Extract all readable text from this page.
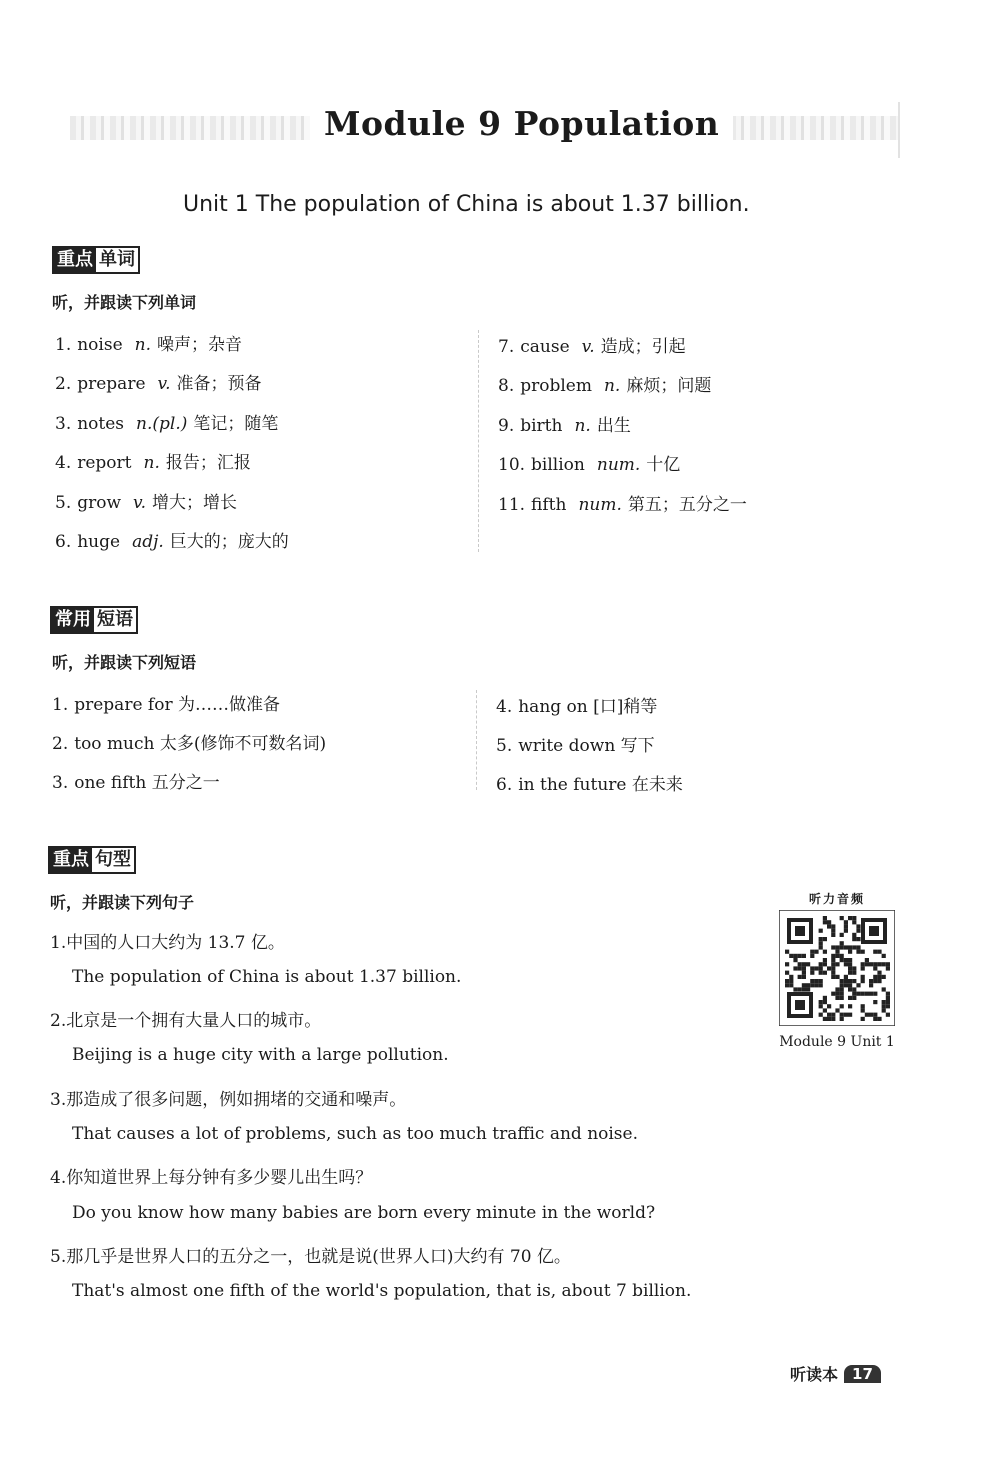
Module 9 Population
Unit 1 The population of China is about 1.37 billion.
重点 单词
听，并跟读下列单词
1. noise n. 噪声；杂音
2. prepare v. 准备；预备
3. notes n.(pl.) 笔记；随笔
4. report n. 报告；汇报
5. grow v. 增大；增长
6. huge adj. 巨大的；庞大的
7. cause v. 造成；引起
8. problem n. 麻烦；问题
9. birth n. 出生
10. billion num. 十亿
11. fifth num. 第五；五分之一
常用 短语
听，并跟读下列短语
1. prepare for 为……做准备
2. too much 太多(修饰不可数名词)
3. one fifth 五分之一
4. hang on [口]稍等
5. write down 写下
6. in the future 在未来
重点 句型
听，并跟读下列句子
1.中国的人口大约为 13.7 亿。
The population of China is about 1.37 billion.
2.北京是一个拥有大量人口的城市。
Beijing is a huge city with a large pollution.
3.那造成了很多问题，例如拥堵的交通和噪声。
That causes a lot of problems, such as too much traffic and noise.
4.你知道世界上每分钟有多少婴儿出生吗？
Do you know how many babies are born every minute in the world?
5.那几乎是世界人口的五分之一，也就是说(世界人口)大约有 70 亿。
That's almost one fifth of the world's population, that is, about 7 billion.
听力音频
Module 9 Unit 1
听读本 17
